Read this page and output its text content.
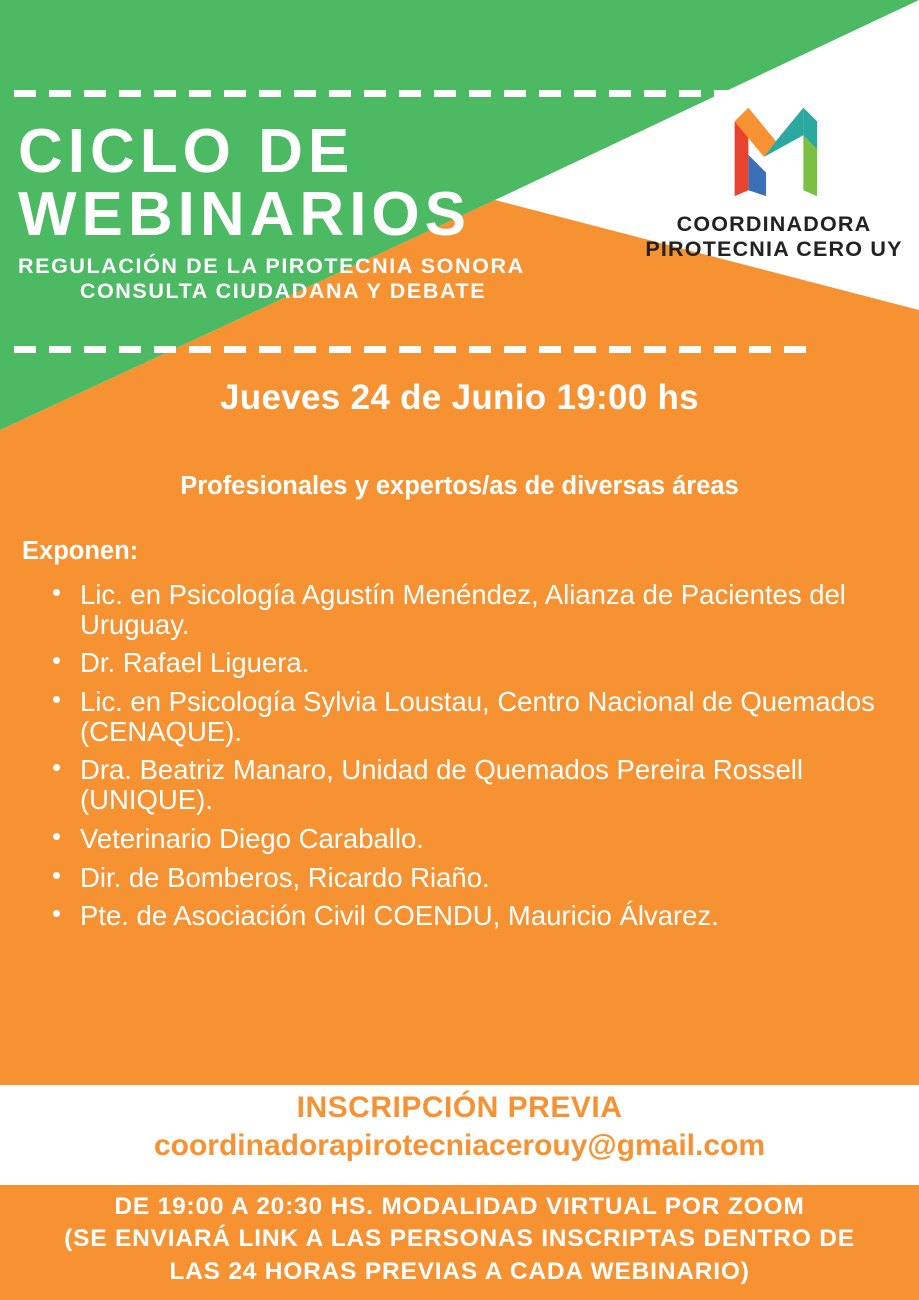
CICLO DE
WEBINARIOS
REGULACIÓN DE LA PIROTECNIA SONORA
CONSULTA CIUDADANA Y DEBATE
COORDINADORA
PIROTECNIA CERO UY
Jueves 24 de Junio 19:00 hs
Profesionales y expertos/as de diversas áreas
Exponen:
• Lic. en Psicología Agustín Menéndez, Alianza de Pacientes del Uruguay.
• Dr. Rafael Liguera.
• Lic. en Psicología Sylvia Loustau, Centro Nacional de Quemados (CENAQUE).
• Dra. Beatriz Manaro, Unidad de Quemados Pereira Rossell (UNIQUE).
• Veterinario Diego Caraballo.
• Dir. de Bomberos, Ricardo Riaño.
• Pte. de Asociación Civil COENDU, Mauricio Álvarez.
INSCRIPCIÓN PREVIA
coordinadorapirotecniacerouy@gmail.com
DE 19:00 A 20:30 HS. MODALIDAD VIRTUAL POR ZOOM
(SE ENVIARÁ LINK A LAS PERSONAS INSCRIPTAS DENTRO DE
LAS 24 HORAS PREVIAS A CADA WEBINARIO)
